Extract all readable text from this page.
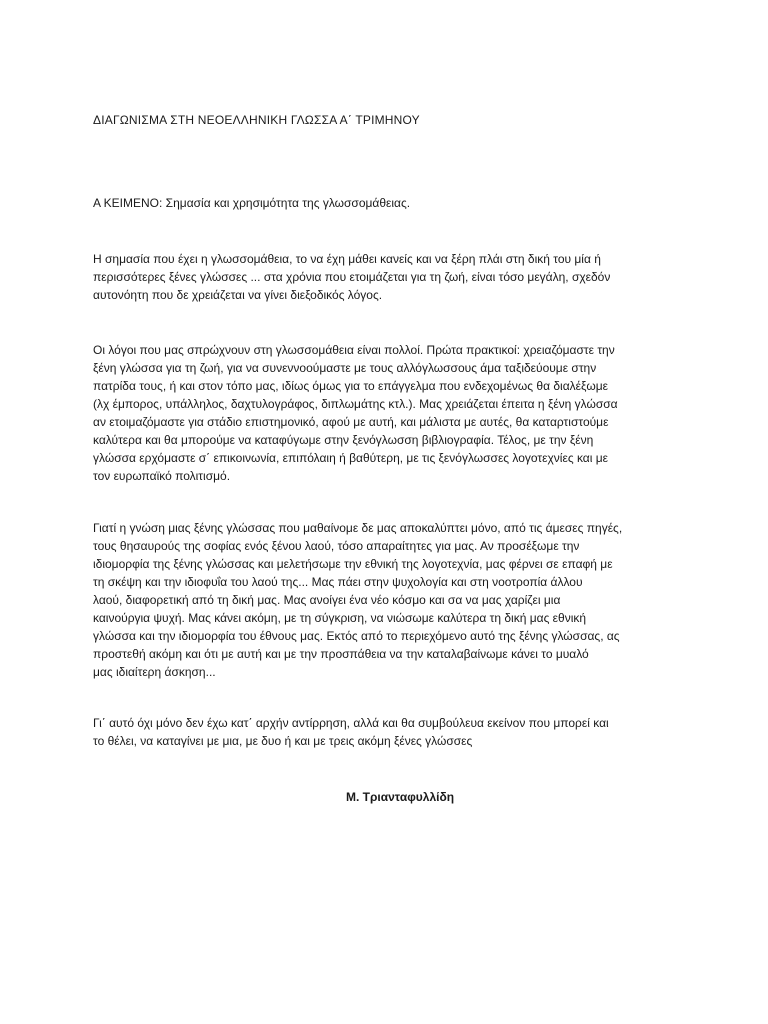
ΔΙΑΓΩΝΙΣΜΑ ΣΤΗ ΝΕΟΕΛΛΗΝΙΚΗ ΓΛΩΣΣΑ Α΄ ΤΡΙΜΗΝΟΥ
Α ΚΕΙΜΕΝΟ: Σημασία και χρησιμότητα της γλωσσομάθειας.
Η σημασία που έχει η γλωσσομάθεια, το να έχη μάθει κανείς και να ξέρη πλάι στη δική του μία ή
περισσότερες ξένες γλώσσες ... στα χρόνια που ετοιμάζεται για τη ζωή, είναι τόσο μεγάλη, σχεδόν
αυτονόητη που δε χρειάζεται να γίνει διεξοδικός λόγος.
Οι λόγοι που μας σπρώχνουν στη γλωσσομάθεια είναι πολλοί. Πρώτα πρακτικοί: χρειαζόμαστε την
ξένη γλώσσα για τη ζωή, για να συνεννοούμαστε με τους αλλόγλωσσους άμα ταξιδεύουμε στην
πατρίδα τους, ή και στον τόπο μας, ιδίως όμως για το επάγγελμα που ενδεχομένως θα διαλέξωμε
(λχ έμπορος, υπάλληλος, δαχτυλογράφος, διπλωμάτης κτλ.). Μας χρειάζεται έπειτα η ξένη γλώσσα
αν ετοιμαζόμαστε για στάδιο επιστημονικό, αφού με αυτή, και μάλιστα με αυτές, θα καταρτιστούμε
καλύτερα και θα μπορούμε να καταφύγωμε στην ξενόγλωσση βιβλιογραφία. Τέλος, με την ξένη
γλώσσα ερχόμαστε σ΄ επικοινωνία, επιπόλαιη ή βαθύτερη, με τις ξενόγλωσσες λογοτεχνίες και με
τον ευρωπαϊκό πολιτισμό.
Γιατί η γνώση μιας ξένης γλώσσας που μαθαίνομε δε μας αποκαλύπτει μόνο, από τις άμεσες πηγές,
τους θησαυρούς της σοφίας ενός ξένου λαού, τόσο απαραίτητες για μας. Αν προσέξωμε την
ιδιομορφία της ξένης γλώσσας και μελετήσωμε την εθνική της λογοτεχνία, μας φέρνει σε επαφή με
τη σκέψη και την ιδιοφυΐα του λαού της... Μας πάει στην ψυχολογία και στη νοοτροπία άλλου
λαού, διαφορετική από τη δική μας. Μας ανοίγει ένα νέο κόσμο και σα να μας χαρίζει μια
καινούργια ψυχή. Μας κάνει ακόμη, με τη σύγκριση, να νιώσωμε καλύτερα τη δική μας εθνική
γλώσσα και την ιδιομορφία του έθνους μας. Εκτός από το περιεχόμενο αυτό της ξένης γλώσσας, ας
προστεθή ακόμη και ότι με αυτή και με την προσπάθεια να την καταλαβαίνωμε κάνει το μυαλό
μας ιδιαίτερη άσκηση...
Γι΄ αυτό όχι μόνο δεν έχω κατ΄ αρχήν αντίρρηση, αλλά και θα συμβούλευα εκείνον που μπορεί και
το θέλει, να καταγίνει με μια, με δυο ή και με τρεις ακόμη ξένες γλώσσες
Μ. Τριανταφυλλίδη
